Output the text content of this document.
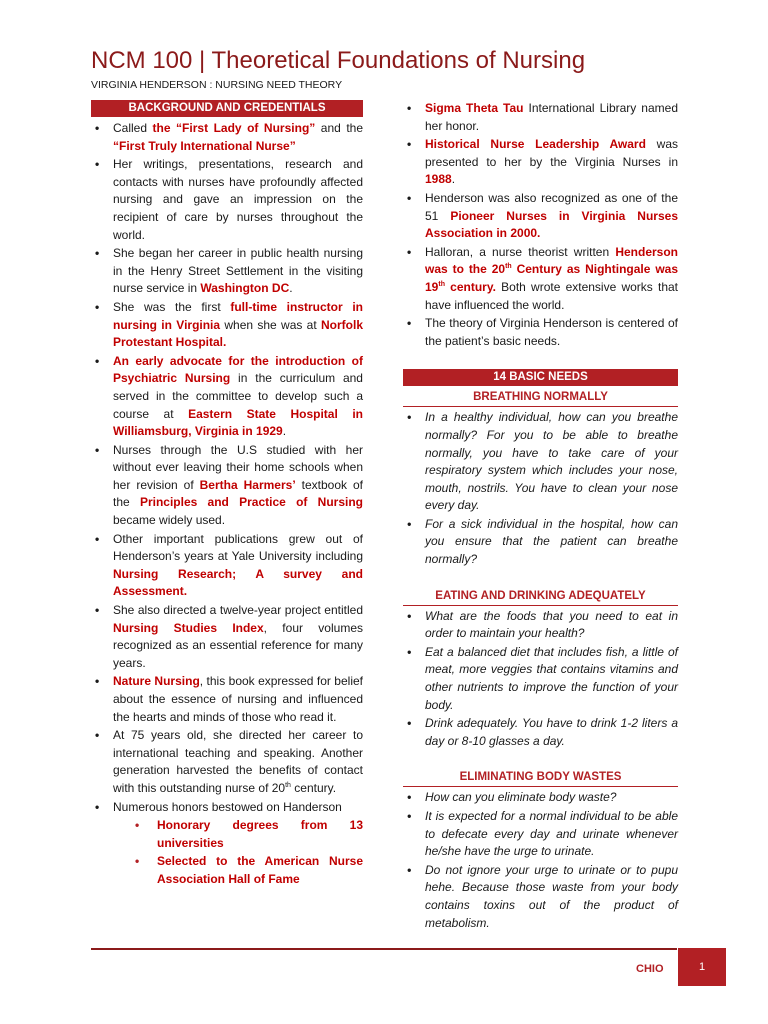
NCM 100 | Theoretical Foundations of Nursing
VIRGINIA HENDERSON : NURSING NEED THEORY
BACKGROUND AND CREDENTIALS
• Called the “First Lady of Nursing” and the “First Truly International Nurse”
• Her writings, presentations, research and contacts with nurses have profoundly affected nursing and gave an impression on the recipient of care by nurses throughout the world.
• She began her career in public health nursing in the Henry Street Settlement in the visiting nurse service in Washington DC.
• She was the first full-time instructor in nursing in Virginia when she was at Norfolk Protestant Hospital.
• An early advocate for the introduction of Psychiatric Nursing in the curriculum and served in the committee to develop such a course at Eastern State Hospital in Williamsburg, Virginia in 1929.
• Nurses through the U.S studied with her without ever leaving their home schools when her revision of Bertha Harmers’ textbook of the Principles and Practice of Nursing became widely used.
• Other important publications grew out of Henderson’s years at Yale University including Nursing Research; A survey and Assessment.
• She also directed a twelve-year project entitled Nursing Studies Index, four volumes recognized as an essential reference for many years.
• Nature Nursing, this book expressed for belief about the essence of nursing and influenced the hearts and minds of those who read it.
• At 75 years old, she directed her career to international teaching and speaking. Another generation harvested the benefits of contact with this outstanding nurse of 20th century.
• Numerous honors bestowed on Handerson
• Honorary degrees from 13 universities
• Selected to the American Nurse Association Hall of Fame
• Sigma Theta Tau International Library named her honor.
• Historical Nurse Leadership Award was presented to her by the Virginia Nurses in 1988.
• Henderson was also recognized as one of the 51 Pioneer Nurses in Virginia Nurses Association in 2000.
• Halloran, a nurse theorist written Henderson was to the 20th Century as Nightingale was 19th century. Both wrote extensive works that have influenced the world.
• The theory of Virginia Henderson is centered of the patient’s basic needs.
14 BASIC NEEDS
BREATHING NORMALLY
• In a healthy individual, how can you breathe normally? For you to be able to breathe normally, you have to take care of your respiratory system which includes your nose, mouth, nostrils. You have to clean your nose every day.
• For a sick individual in the hospital, how can you ensure that the patient can breathe normally?
EATING AND DRINKING ADEQUATELY
• What are the foods that you need to eat in order to maintain your health?
• Eat a balanced diet that includes fish, a little of meat, more veggies that contains vitamins and other nutrients to improve the function of your body.
• Drink adequately. You have to drink 1-2 liters a day or 8-10 glasses a day.
ELIMINATING BODY WASTES
• How can you eliminate body waste?
• It is expected for a normal individual to be able to defecate every day and urinate whenever he/she have the urge to urinate.
• Do not ignore your urge to urinate or to pupu hehe. Because those waste from your body contains toxins out of the product of metabolism.
CHIO	1
